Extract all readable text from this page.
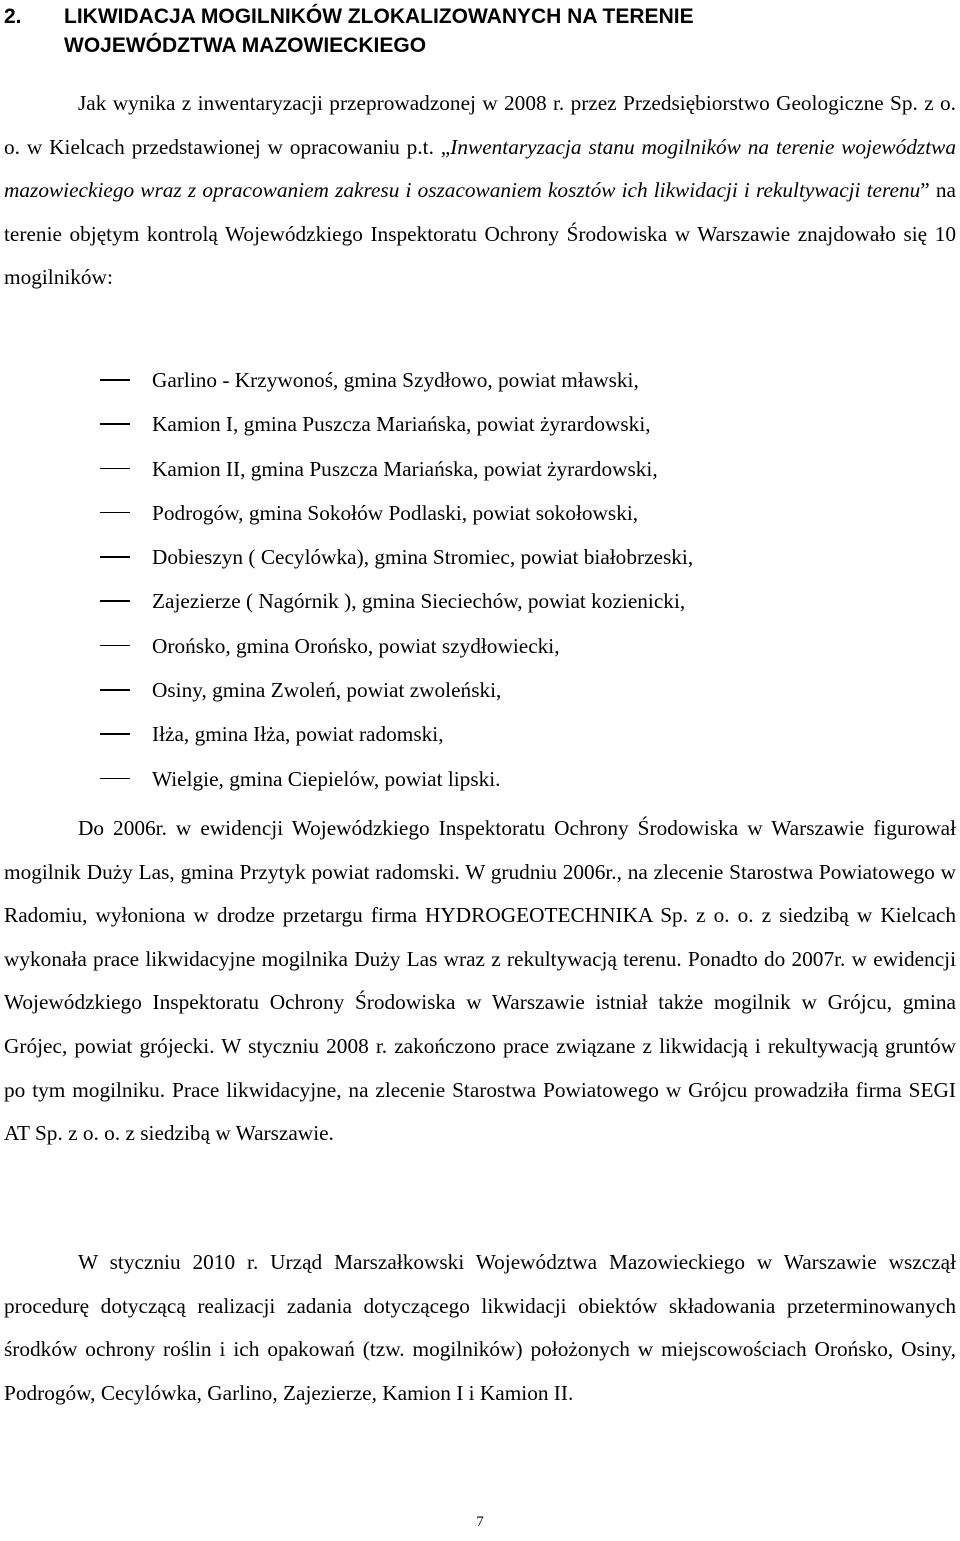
2. LIKWIDACJA MOGILNIKÓW ZLOKALIZOWANYCH NA TERENIE
WOJEWÓDZTWA MAZOWIECKIEGO
Jak wynika z inwentaryzacji przeprowadzonej w 2008 r. przez Przedsiębiorstwo Geologiczne Sp. z o. o. w Kielcach przedstawionej w opracowaniu p.t. „Inwentaryzacja stanu mogilników na terenie województwa mazowieckiego wraz z opracowaniem zakresu i oszacowaniem kosztów ich likwidacji i rekultywacji terenu” na terenie objętym kontrolą Wojewódzkiego Inspektoratu Ochrony Środowiska w Warszawie znajdowało się 10 mogilników:
Garlino - Krzywonoś, gmina Szydłowo, powiat mławski,
Kamion I, gmina Puszcza Mariańska, powiat żyrardowski,
Kamion II, gmina Puszcza Mariańska, powiat żyrardowski,
Podrogów, gmina Sokołów Podlaski, powiat sokołowski,
Dobieszyn ( Cecylówka), gmina Stromiec, powiat białobrzeski,
Zajezierze ( Nagórnik ), gmina Sieciechów, powiat kozienicki,
Orońsko, gmina Orońsko, powiat szydłowiecki,
Osiny, gmina Zwoleń, powiat zwoleński,
Iłża, gmina Iłża, powiat radomski,
Wielgie, gmina Ciepielów, powiat lipski.
Do 2006r. w ewidencji Wojewódzkiego Inspektoratu Ochrony Środowiska w Warszawie figurował mogilnik Duży Las, gmina Przytyk powiat radomski. W grudniu 2006r., na zlecenie Starostwa Powiatowego w Radomiu, wyłoniona w drodze przetargu firma HYDROGEOTECHNIKA Sp. z o. o. z siedzibą w Kielcach wykonała prace likwidacyjne mogilnika Duży Las wraz z rekultywacją terenu. Ponadto do 2007r. w ewidencji Wojewódzkiego Inspektoratu Ochrony Środowiska w Warszawie istniał także mogilnik w Grójcu, gmina Grójec, powiat grójecki. W styczniu 2008 r. zakończono prace związane z likwidacją i rekultywacją gruntów po tym mogilniku. Prace likwidacyjne, na zlecenie Starostwa Powiatowego w Grójcu prowadziła firma SEGI AT Sp. z o. o. z siedzibą w Warszawie.
W styczniu 2010 r. Urząd Marszałkowski Województwa Mazowieckiego w Warszawie wszczął procedurę dotyczącą realizacji zadania dotyczącego likwidacji obiektów składowania przeterminowanych środków ochrony roślin i ich opakowań (tzw. mogilników) położonych w miejscowościach Orońsko, Osiny, Podrogów, Cecylówka, Garlino, Zajezierze, Kamion I i Kamion II.
7
